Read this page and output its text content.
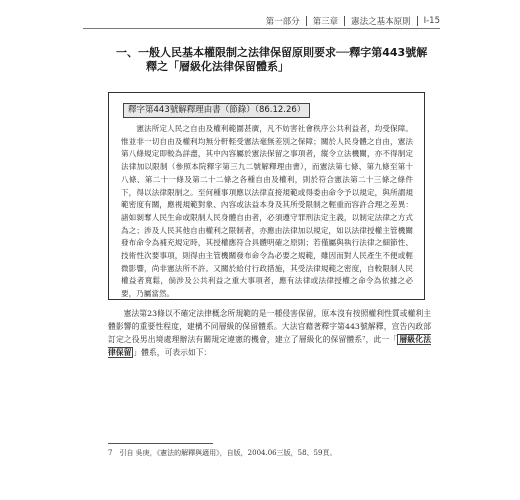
第一部分 第三章 憲法之基本原則 I-15
一、一般人民基本權限制之法律保留原則要求──釋字第443號解
釋之「層級化法律保留體系」
釋字第443號解釋理由書（節錄）（86.12.26）

　　憲法所定人民之自由及權利範圍甚廣，凡不妨害社會秩序公共利益者，均受保障。惟並非一切自由及權利均無分軒輊受憲法毫無差別之保障；關於人民身體之自由，憲法第八條規定即較為詳盡，其中內容屬於憲法保留之事項者，縱令立法機關，亦不得制定法律加以限制（參照本院釋字第三九二號解釋理由書），而憲法第七條、第九條至第十八條、第二十一條及第二十二條之各種自由及權利，則於符合憲法第二十三條之條件下，得以法律限制之。至何種事項應以法律直接規範或得委由命令予以規定，與所謂規範密度有關，應視規範對象、內容或法益本身及其所受限制之輕重而容許合理之差異：諸如剝奪人民生命或限制人民身體自由者，必須遵守罪刑法定主義，以制定法律之方式為之；涉及人民其他自由權利之限制者，亦應由法律加以規定，如以法律授權主管機關發布命令為補充規定時，其授權應符合具體明確之原則；若僅屬與執行法律之細節性、技術性次要事項，則得由主管機關發布命令為必要之規範，雖因而對人民產生不便或輕微影響，尚非憲法所不許。又關於給付行政措施，其受法律規範之密度，自較限制人民權益者寬鬆，倘涉及公共利益之重大事項者，應有法律或法律授權之命令為依據之必要，乃屬當然。

　　憲法第23條以不確定法律概念所規範的是一種侵害保留，原本沒有按照權利性質或權利主體影響的重要性程度，建構不同層級的保留體系。大法官藉著釋字第443號解釋，宣告內政部訂定之役男出境處理辦法有關規定違憲的機會，建立了層級化的保留體系⁷，此一「 層級化法律保留 」體系，可表示如下：

7　引自 吳庚，《憲法的解釋與適用》，自版，2004.06三版，58、59頁。
